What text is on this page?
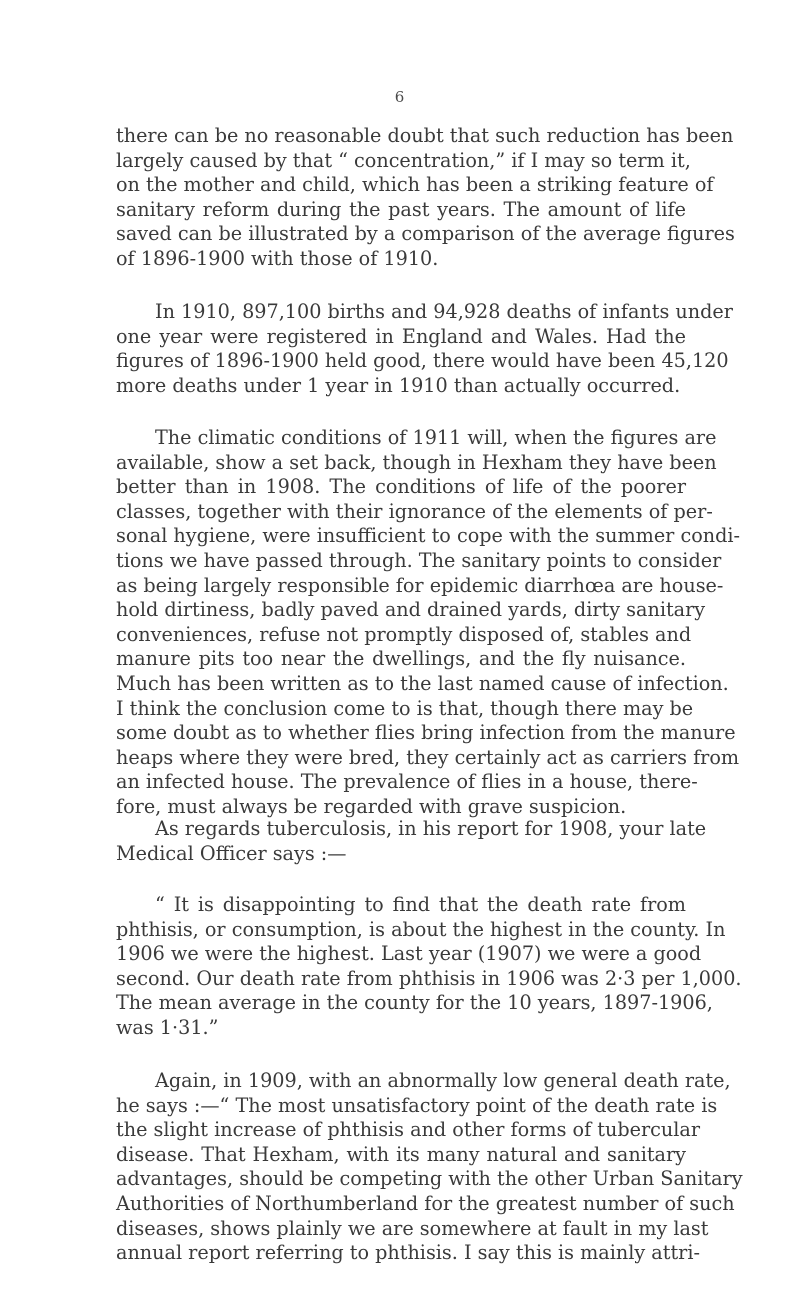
6
there can be no reasonable doubt that such reduction has been
largely caused by that “ concentration,” if I may so term it,
on the mother and child, which has been a striking feature of
sanitary reform during the past years. The amount of life
saved can be illustrated by a comparison of the average figures
of 1896-1900 with those of 1910.
In 1910, 897,100 births and 94,928 deaths of infants under
one year were registered in England and Wales. Had the
figures of 1896-1900 held good, there would have been 45,120
more deaths under 1 year in 1910 than actually occurred.
The climatic conditions of 1911 will, when the figures are
available, show a set back, though in Hexham they have been
better than in 1908. The conditions of life of the poorer
classes, together with their ignorance of the elements of per-
sonal hygiene, were insufficient to cope with the summer condi-
tions we have passed through. The sanitary points to consider
as being largely responsible for epidemic diarrhœa are house-
hold dirtiness, badly paved and drained yards, dirty sanitary
conveniences, refuse not promptly disposed of, stables and
manure pits too near the dwellings, and the fly nuisance.
Much has been written as to the last named cause of infection.
I think the conclusion come to is that, though there may be
some doubt as to whether flies bring infection from the manure
heaps where they were bred, they certainly act as carriers from
an infected house. The prevalence of flies in a house, there-
fore, must always be regarded with grave suspicion.
As regards tuberculosis, in his report for 1908, your late
Medical Officer says :—
“ It is disappointing to find that the death rate from
phthisis, or consumption, is about the highest in the county. In
1906 we were the highest. Last year (1907) we were a good
second. Our death rate from phthisis in 1906 was 2·3 per 1,000.
The mean average in the county for the 10 years, 1897-1906,
was 1·31.”
Again, in 1909, with an abnormally low general death rate,
he says :—“ The most unsatisfactory point of the death rate is
the slight increase of phthisis and other forms of tubercular
disease. That Hexham, with its many natural and sanitary
advantages, should be competing with the other Urban Sanitary
Authorities of Northumberland for the greatest number of such
diseases, shows plainly we are somewhere at fault in my last
annual report referring to phthisis. I say this is mainly attri-
